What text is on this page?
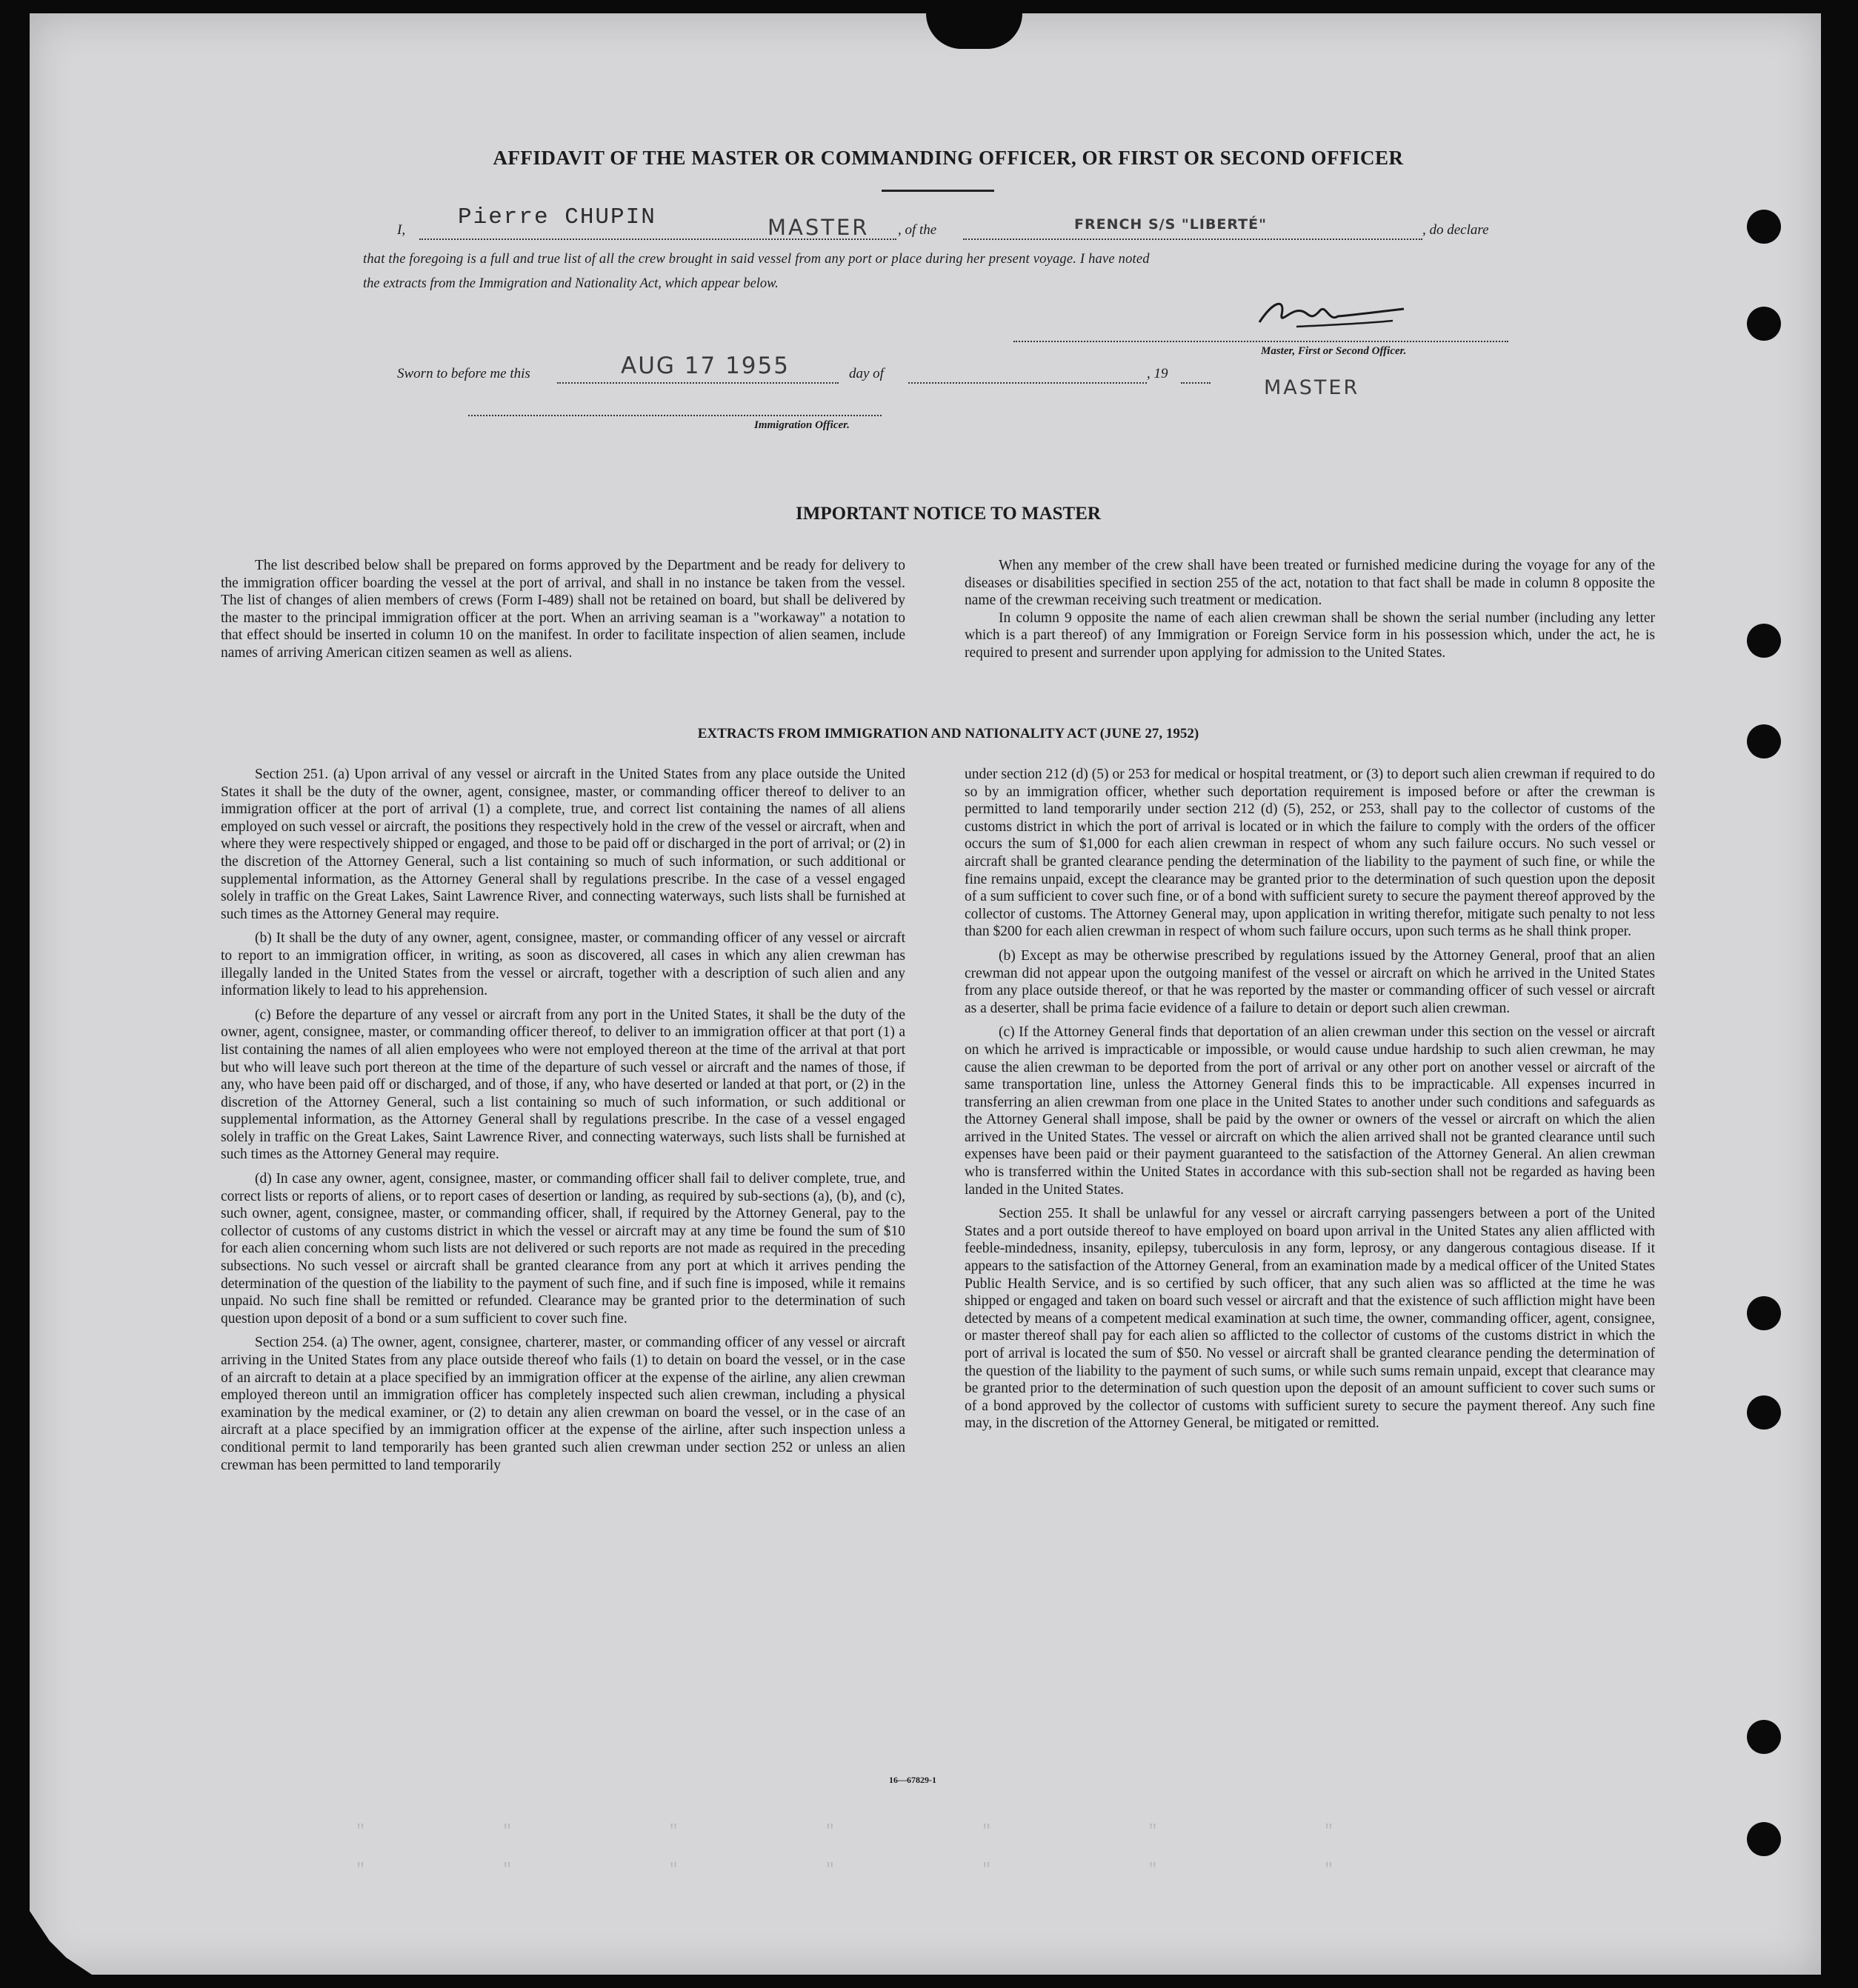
AFFIDAVIT OF THE MASTER OR COMMANDING OFFICER, OR FIRST OR SECOND OFFICER
I, Pierre CHUPIN	MASTER , of the	FRENCH S/S "LIBERTÉ"	, do declare
that the foregoing is a full and true list of all the crew brought in said vessel from any port or place during her present voyage. I have noted
the extracts from the Immigration and Nationality Act, which appear below.
Master, First or Second Officer.
Sworn to before me this	AUG 17 1955	day of	, 19
MASTER
Immigration Officer.
IMPORTANT NOTICE TO MASTER

The list described below shall be prepared on forms approved by the Department and be ready for delivery to the immigration officer boarding the vessel at the port of arrival, and shall in no instance be taken from the vessel. The list of changes of alien members of crews (Form I-489) shall not be retained on board, but shall be delivered by the master to the principal immigration officer at the port. When an arriving seaman is a "workaway" a notation to that effect should be inserted in column 10 on the manifest. In order to facilitate inspection of alien seamen, include names of arriving American citizen seamen as well as aliens.

When any member of the crew shall have been treated or furnished medicine during the voyage for any of the diseases or disabilities specified in section 255 of the act, notation to that fact shall be made in column 8 opposite the name of the crewman receiving such treatment or medication.

In column 9 opposite the name of each alien crewman shall be shown the serial number (including any letter which is a part thereof) of any Immigration or Foreign Service form in his possession which, under the act, he is required to present and surrender upon applying for admission to the United States.

EXTRACTS FROM IMMIGRATION AND NATIONALITY ACT (JUNE 27, 1952)

Section 251. (a) Upon arrival of any vessel or aircraft in the United States from any place outside the United States it shall be the duty of the owner, agent, consignee, master, or commanding officer thereof to deliver to an immigration officer at the port of arrival (1) a complete, true, and correct list containing the names of all aliens employed on such vessel or aircraft, the positions they respectively hold in the crew of the vessel or aircraft, when and where they were respectively shipped or engaged, and those to be paid off or discharged in the port of arrival; or (2) in the discretion of the Attorney General, such a list containing so much of such information, or such additional or supplemental information, as the Attorney General shall by regulations prescribe. In the case of a vessel engaged solely in traffic on the Great Lakes, Saint Lawrence River, and connecting waterways, such lists shall be furnished at such times as the Attorney General may require.

(b) It shall be the duty of any owner, agent, consignee, master, or commanding officer of any vessel or aircraft to report to an immigration officer, in writing, as soon as discovered, all cases in which any alien crewman has illegally landed in the United States from the vessel or aircraft, together with a description of such alien and any information likely to lead to his apprehension.

(c) Before the departure of any vessel or aircraft from any port in the United States, it shall be the duty of the owner, agent, consignee, master, or commanding officer thereof, to deliver to an immigration officer at that port (1) a list containing the names of all alien employees who were not employed thereon at the time of the arrival at that port but who will leave such port thereon at the time of the departure of such vessel or aircraft and the names of those, if any, who have been paid off or discharged, and of those, if any, who have deserted or landed at that port, or (2) in the discretion of the Attorney General, such a list containing so much of such information, or such additional or supplemental information, as the Attorney General shall by regulations prescribe. In the case of a vessel engaged solely in traffic on the Great Lakes, Saint Lawrence River, and connecting waterways, such lists shall be furnished at such times as the Attorney General may require.

(d) In case any owner, agent, consignee, master, or commanding officer shall fail to deliver complete, true, and correct lists or reports of aliens, or to report cases of desertion or landing, as required by sub-sections (a), (b), and (c), such owner, agent, consignee, master, or commanding officer, shall, if required by the Attorney General, pay to the collector of customs of any customs district in which the vessel or aircraft may at any time be found the sum of $10 for each alien concerning whom such lists are not delivered or such reports are not made as required in the preceding subsections. No such vessel or aircraft shall be granted clearance from any port at which it arrives pending the determination of the question of the liability to the payment of such fine, and if such fine is imposed, while it remains unpaid. No such fine shall be remitted or refunded. Clearance may be granted prior to the determination of such question upon deposit of a bond or a sum sufficient to cover such fine.

Section 254. (a) The owner, agent, consignee, charterer, master, or commanding officer of any vessel or aircraft arriving in the United States from any place outside thereof who fails (1) to detain on board the vessel, or in the case of an aircraft to detain at a place specified by an immigration officer at the expense of the airline, any alien crewman employed thereon until an immigration officer has completely inspected such alien crewman, including a physical examination by the medical examiner, or (2) to detain any alien crewman on board the vessel, or in the case of an aircraft at a place specified by an immigration officer at the expense of the airline, after such inspection unless a conditional permit to land temporarily has been granted such alien crewman under section 252 or unless an alien crewman has been permitted to land temporarily

under section 212 (d) (5) or 253 for medical or hospital treatment, or (3) to deport such alien crewman if required to do so by an immigration officer, whether such deportation requirement is imposed before or after the crewman is permitted to land temporarily under section 212 (d) (5), 252, or 253, shall pay to the collector of customs of the customs district in which the port of arrival is located or in which the failure to comply with the orders of the officer occurs the sum of $1,000 for each alien crewman in respect of whom any such failure occurs. No such vessel or aircraft shall be granted clearance pending the determination of the liability to the payment of such fine, or while the fine remains unpaid, except the clearance may be granted prior to the determination of such question upon the deposit of a sum sufficient to cover such fine, or of a bond with sufficient surety to secure the payment thereof approved by the collector of customs. The Attorney General may, upon application in writing therefor, mitigate such penalty to not less than $200 for each alien crewman in respect of whom such failure occurs, upon such terms as he shall think proper.

(b) Except as may be otherwise prescribed by regulations issued by the Attorney General, proof that an alien crewman did not appear upon the outgoing manifest of the vessel or aircraft on which he arrived in the United States from any place outside thereof, or that he was reported by the master or commanding officer of such vessel or aircraft as a deserter, shall be prima facie evidence of a failure to detain or deport such alien crewman.

(c) If the Attorney General finds that deportation of an alien crewman under this section on the vessel or aircraft on which he arrived is impracticable or impossible, or would cause undue hardship to such alien crewman, he may cause the alien crewman to be deported from the port of arrival or any other port on another vessel or aircraft of the same transportation line, unless the Attorney General finds this to be impracticable. All expenses incurred in transferring an alien crewman from one place in the United States to another under such conditions and safeguards as the Attorney General shall impose, shall be paid by the owner or owners of the vessel or aircraft on which the alien arrived in the United States. The vessel or aircraft on which the alien arrived shall not be granted clearance until such expenses have been paid or their payment guaranteed to the satisfaction of the Attorney General. An alien crewman who is transferred within the United States in accordance with this sub-section shall not be regarded as having been landed in the United States.

Section 255. It shall be unlawful for any vessel or aircraft carrying passengers between a port of the United States and a port outside thereof to have employed on board upon arrival in the United States any alien afflicted with feeble-mindedness, insanity, epilepsy, tuberculosis in any form, leprosy, or any dangerous contagious disease. If it appears to the satisfaction of the Attorney General, from an examination made by a medical officer of the United States Public Health Service, and is so certified by such officer, that any such alien was so afflicted at the time he was shipped or engaged and taken on board such vessel or aircraft and that the existence of such affliction might have been detected by means of a competent medical examination at such time, the owner, commanding officer, agent, consignee, or master thereof shall pay for each alien so afflicted to the collector of customs of the customs district in which the port of arrival is located the sum of $50. No vessel or aircraft shall be granted clearance pending the determination of the question of the liability to the payment of such sums, or while such sums remain unpaid, except that clearance may be granted prior to the determination of such question upon the deposit of an amount sufficient to cover such sums or of a bond approved by the collector of customs with sufficient surety to secure the payment thereof. Any such fine may, in the discretion of the Attorney General, be mitigated or remitted.

16—67829-1
"              "                "               "               "                "                 "
"              "                "               "               "                "                 "
